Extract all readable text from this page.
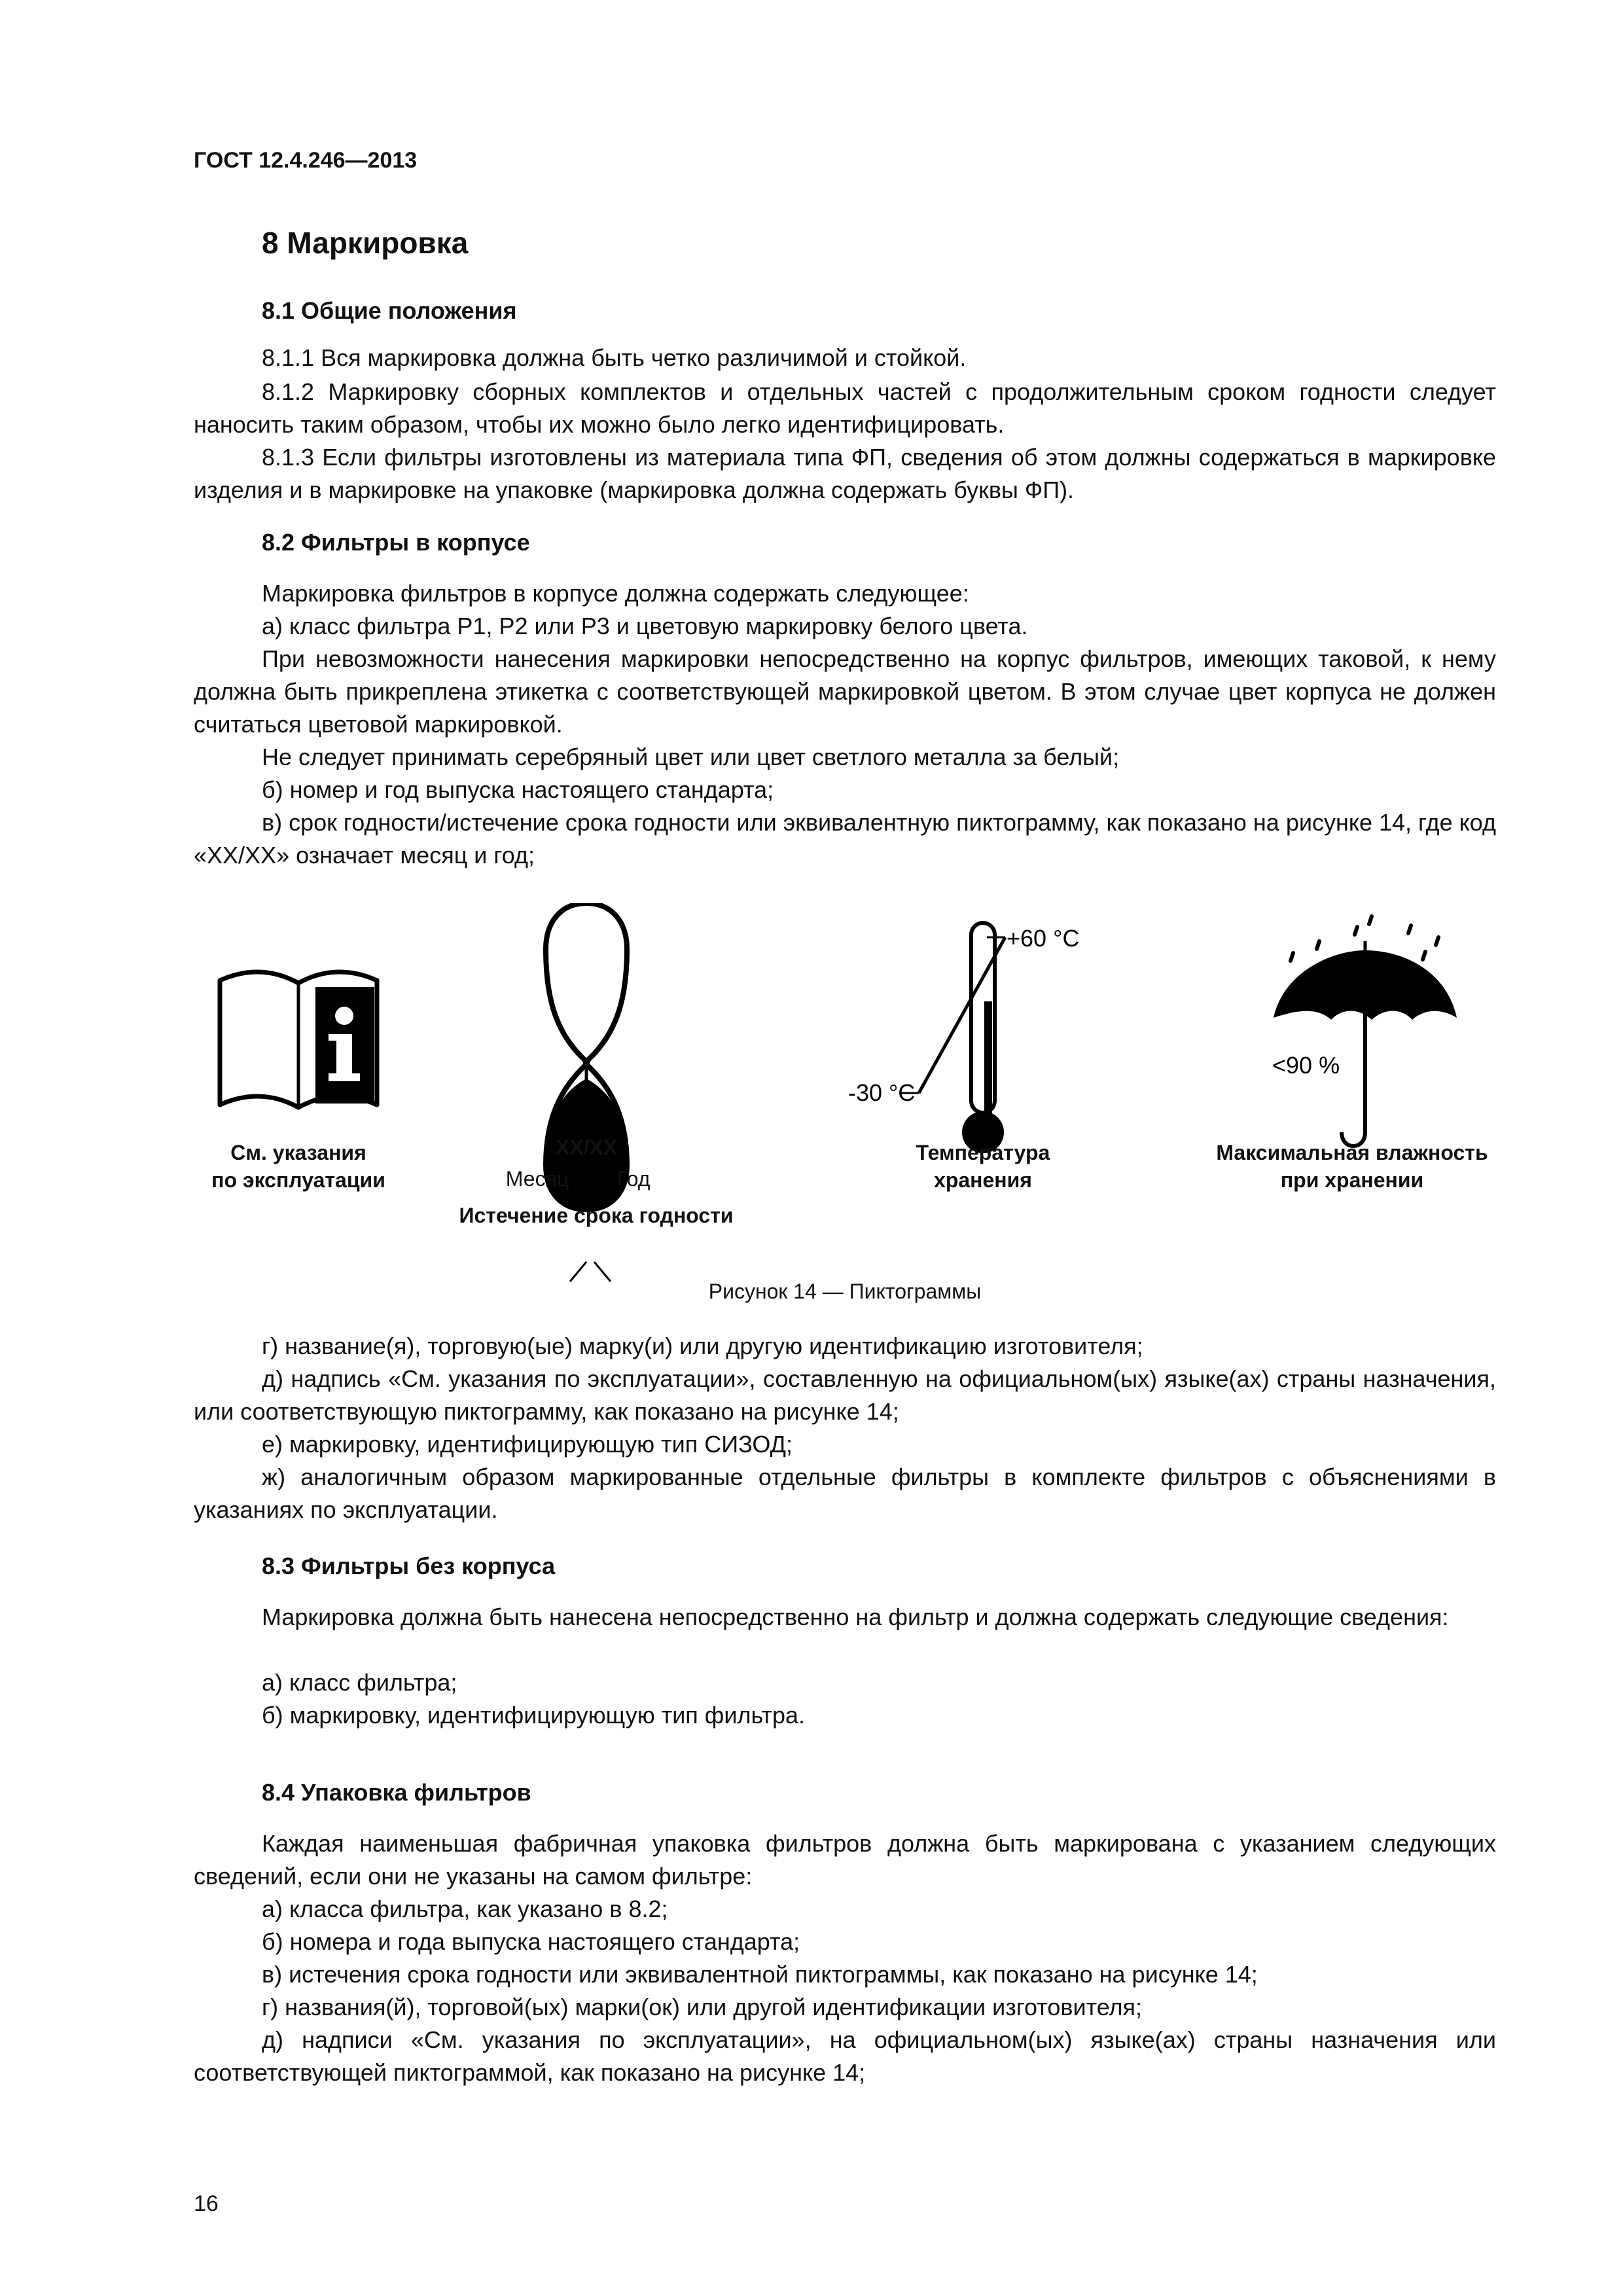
ГОСТ 12.4.246—2013
8 Маркировка
8.1 Общие положения
8.1.1 Вся маркировка должна быть четко различимой и стойкой.
8.1.2 Маркировку сборных комплектов и отдельных частей с продолжительным сроком годности следует наносить таким образом, чтобы их можно было легко идентифицировать.
8.1.3 Если фильтры изготовлены из материала типа ФП, сведения об этом должны содержаться в маркировке изделия и в маркировке на упаковке (маркировка должна содержать буквы ФП).
8.2 Фильтры в корпусе
Маркировка фильтров в корпусе должна содержать следующее:
а) класс фильтра Р1, Р2 или Р3 и цветовую маркировку белого цвета.
При невозможности нанесения маркировки непосредственно на корпус фильтров, имеющих таковой, к нему должна быть прикреплена этикетка с соответствующей маркировкой цветом. В этом случае цвет корпуса не должен считаться цветовой маркировкой.
Не следует принимать серебряный цвет или цвет светлого металла за белый;
б) номер и год выпуска настоящего стандарта;
в) срок годности/истечение срока годности или эквивалентную пиктограмму, как показано на рисунке 14, где код «ХХ/ХХ» означает месяц и год;
+60 °C
-30 °C
<90 %
См. указания
по эксплуатации
ХХ/ХХ
Месяц	Год
Истечение срока годности
Температура
хранения
Максимальная влажность
при хранении
Рисунок 14 — Пиктограммы
г) название(я), торговую(ые) марку(и) или другую идентификацию изготовителя;
д) надпись «См. указания по эксплуатации», составленную на официальном(ых) языке(ах) страны назначения, или соответствующую пиктограмму, как показано на рисунке 14;
е) маркировку, идентифицирующую тип СИЗОД;
ж) аналогичным образом маркированные отдельные фильтры в комплекте фильтров с объяснениями в указаниях по эксплуатации.
8.3 Фильтры без корпуса
Маркировка должна быть нанесена непосредственно на фильтр и должна содержать следующие сведения:
а) класс фильтра;
б) маркировку, идентифицирующую тип фильтра.
8.4 Упаковка фильтров
Каждая наименьшая фабричная упаковка фильтров должна быть маркирована с указанием следующих сведений, если они не указаны на самом фильтре:
а) класса фильтра, как указано в 8.2;
б) номера и года выпуска настоящего стандарта;
в) истечения срока годности или эквивалентной пиктограммы, как показано на рисунке 14;
г) названия(й), торговой(ых) марки(ок) или другой идентификации изготовителя;
д) надписи «См. указания по эксплуатации», на официальном(ых) языке(ах) страны назначения или соответствующей пиктограммой, как показано на рисунке 14;
16
